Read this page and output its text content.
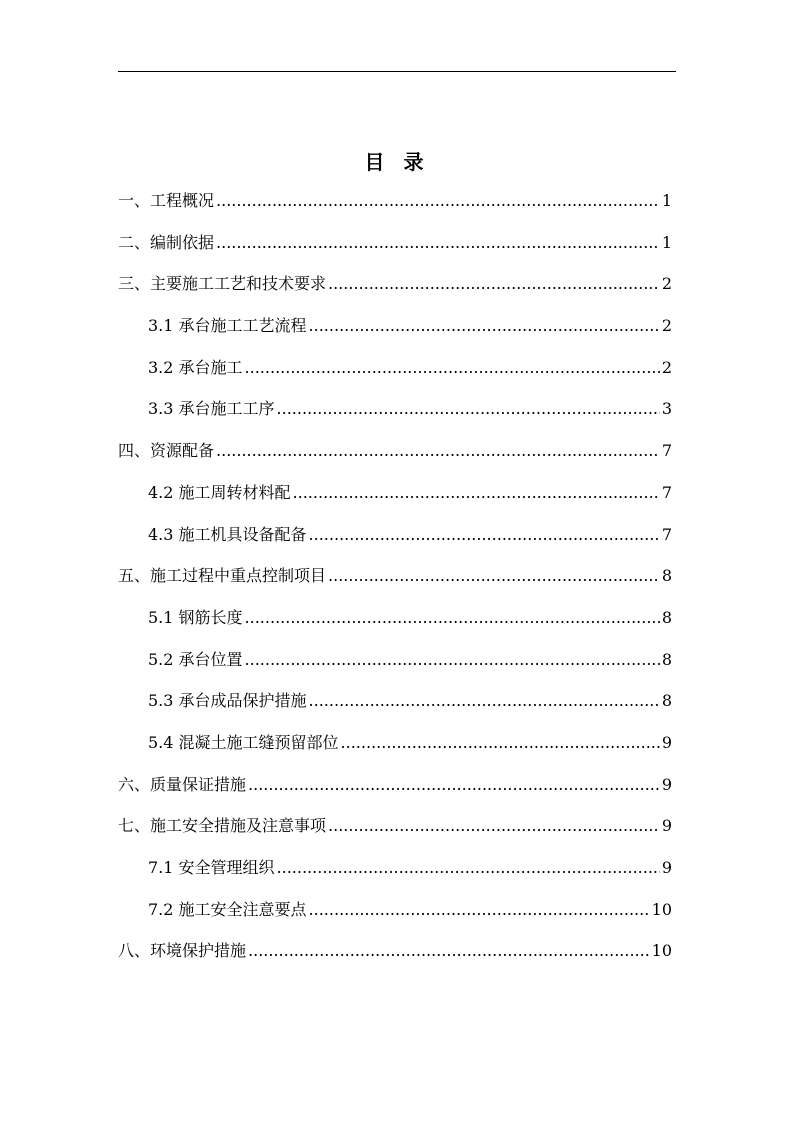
目 录
一、工程概况 .....	1
二、编制依据 .....	1
三、主要施工工艺和技术要求 .....	2
3.1 承台施工工艺流程 .....	2
3.2 承台施工 .....	2
3.3 承台施工工序 .....	3
四、资源配备 .....	7
4.2 施工周转材料配 .....	7
4.3 施工机具设备配备 .....	7
五、施工过程中重点控制项目 .....	8
5.1 钢筋长度 .....	8
5.2 承台位置 .....	8
5.3 承台成品保护措施 .....	8
5.4 混凝土施工缝预留部位 .....	9
六、质量保证措施 .....	9
七、施工安全措施及注意事项 .....	9
7.1 安全管理组织 .....	9
7.2 施工安全注意要点 .....	10
八、环境保护措施 .....	10
